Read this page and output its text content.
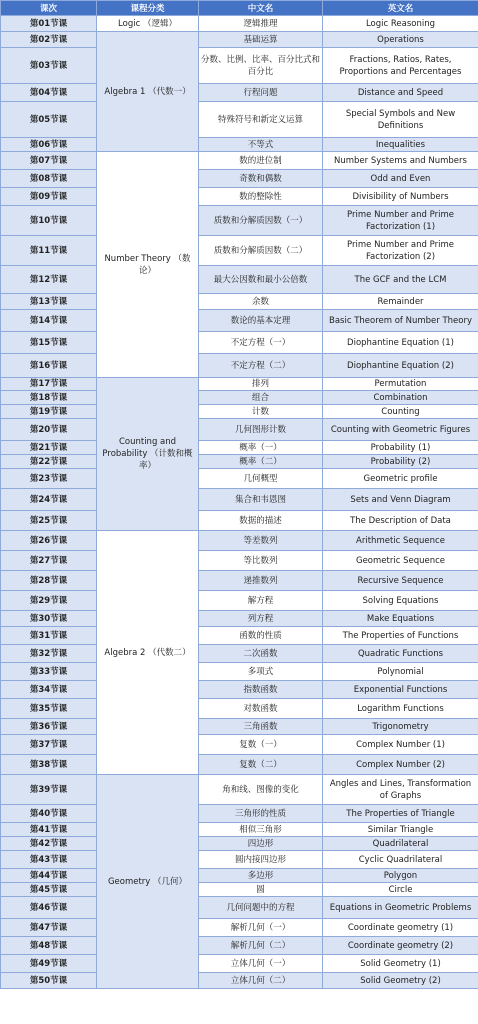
课次	课程分类	中文名	英文名
第01节课	Logic （逻辑）	逻辑推理	Logic Reasoning
第02节课	Algebra 1 （代数一）	基础运算	Operations
第03节课		分数、比例、比率、百分比式和百分比	Fractions, Ratios, Rates, Proportions and Percentages
第04节课		行程问题	Distance and Speed
第05节课		特殊符号和新定义运算	Special Symbols and New Definitions
第06节课		不等式	Inequalities
第07节课	Number Theory （数论）	数的进位制	Number Systems and Numbers
第08节课		奇数和偶数	Odd and Even
第09节课		数的整除性	Divisibility of Numbers
第10节课		质数和分解质因数（一）	Prime Number and Prime Factorization (1)
第11节课		质数和分解质因数（二）	Prime Number and Prime Factorization (2)
第12节课		最大公因数和最小公倍数	The GCF and the LCM
第13节课		余数	Remainder
第14节课		数论的基本定理	Basic Theorem of Number Theory
第15节课		不定方程（一）	Diophantine Equation (1)
第16节课		不定方程（二）	Diophantine Equation (2)
第17节课	Counting and Probability （计数和概率）	排列	Permutation
第18节课		组合	Combination
第19节课		计数	Counting
第20节课		几何图形计数	Counting with Geometric Figures
第21节课		概率（一）	Probability (1)
第22节课		概率（二）	Probability (2)
第23节课		几何概型	Geometric profile
第24节课		集合和韦恩图	Sets and Venn Diagram
第25节课		数据的描述	The Description of Data
第26节课	Algebra 2 （代数二）	等差数列	Arithmetic Sequence
第27节课		等比数列	Geometric Sequence
第28节课		递推数列	Recursive Sequence
第29节课		解方程	Solving Equations
第30节课		列方程	Make Equations
第31节课		函数的性质	The Properties of Functions
第32节课		二次函数	Quadratic Functions
第33节课		多项式	Polynomial
第34节课		指数函数	Exponential Functions
第35节课		对数函数	Logarithm Functions
第36节课		三角函数	Trigonometry
第37节课		复数（一）	Complex Number (1)
第38节课		复数（二）	Complex Number (2)
第39节课	Geometry （几何）	角和线、图像的变化	Angles and Lines, Transformation of Graphs
第40节课		三角形的性质	The Properties of Triangle
第41节课		相似三角形	Similar Triangle
第42节课		四边形	Quadrilateral
第43节课		圆内接四边形	Cyclic Quadrilateral
第44节课		多边形	Polygon
第45节课		圆	Circle
第46节课		几何问题中的方程	Equations in Geometric Problems
第47节课		解析几何（一）	Coordinate geometry (1)
第48节课		解析几何（二）	Coordinate geometry (2)
第49节课		立体几何（一）	Solid Geometry (1)
第50节课		立体几何（二）	Solid Geometry (2)
